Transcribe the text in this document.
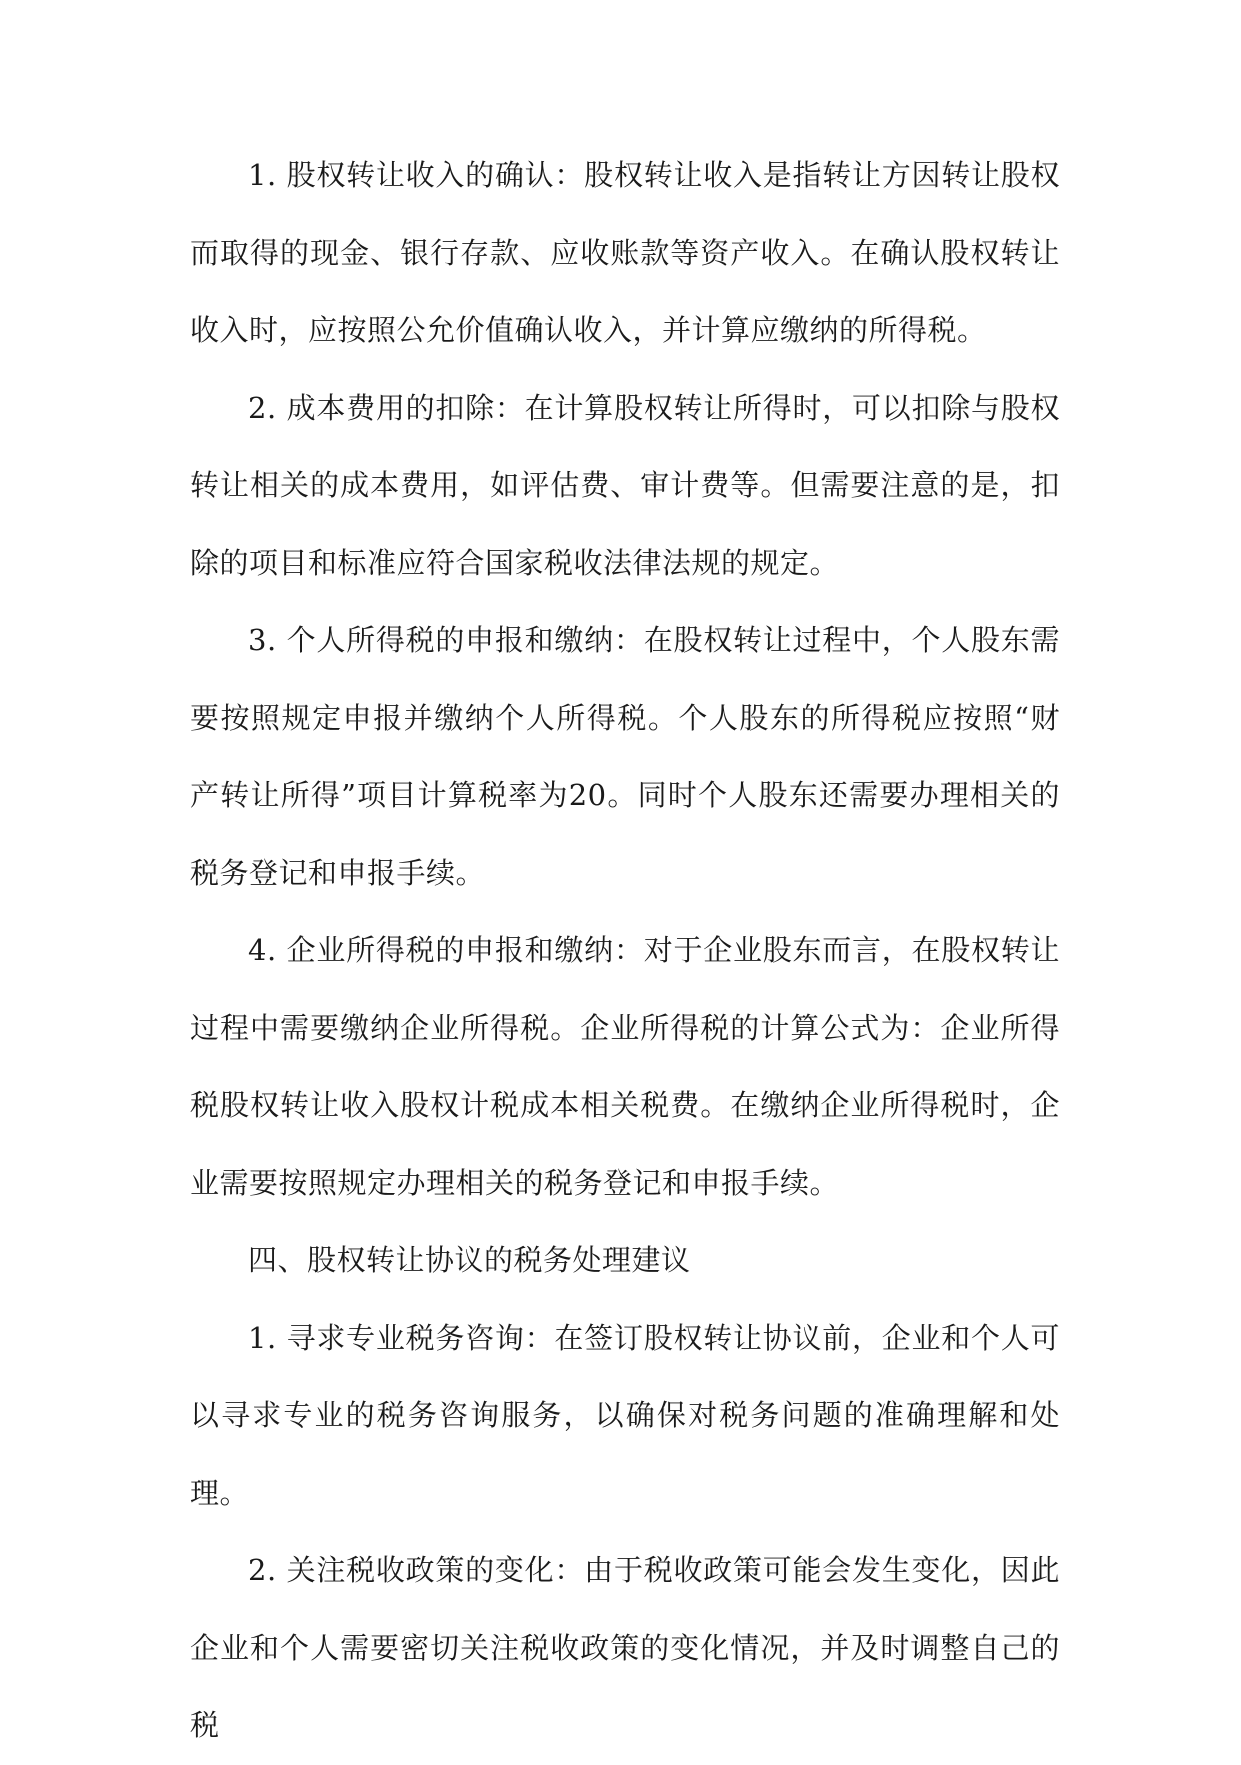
1. 股权转让收入的确认：股权转让收入是指转让方因转让股权而取得的现金、银行存款、应收账款等资产收入。在确认股权转让收入时，应按照公允价值确认收入，并计算应缴纳的所得税。

2. 成本费用的扣除：在计算股权转让所得时，可以扣除与股权转让相关的成本费用，如评估费、审计费等。但需要注意的是，扣除的项目和标准应符合国家税收法律法规的规定。

3. 个人所得税的申报和缴纳：在股权转让过程中，个人股东需要按照规定申报并缴纳个人所得税。个人股东的所得税应按照“财产转让所得”项目计算税率为20。同时个人股东还需要办理相关的税务登记和申报手续。

4. 企业所得税的申报和缴纳：对于企业股东而言，在股权转让过程中需要缴纳企业所得税。企业所得税的计算公式为：企业所得税股权转让收入股权计税成本相关税费。在缴纳企业所得税时，企业需要按照规定办理相关的税务登记和申报手续。

四、股权转让协议的税务处理建议

1. 寻求专业税务咨询：在签订股权转让协议前，企业和个人可以寻求专业的税务咨询服务，以确保对税务问题的准确理解和处理。

2. 关注税收政策的变化：由于税收政策可能会发生变化，因此企业和个人需要密切关注税收政策的变化情况，并及时调整自己的税
